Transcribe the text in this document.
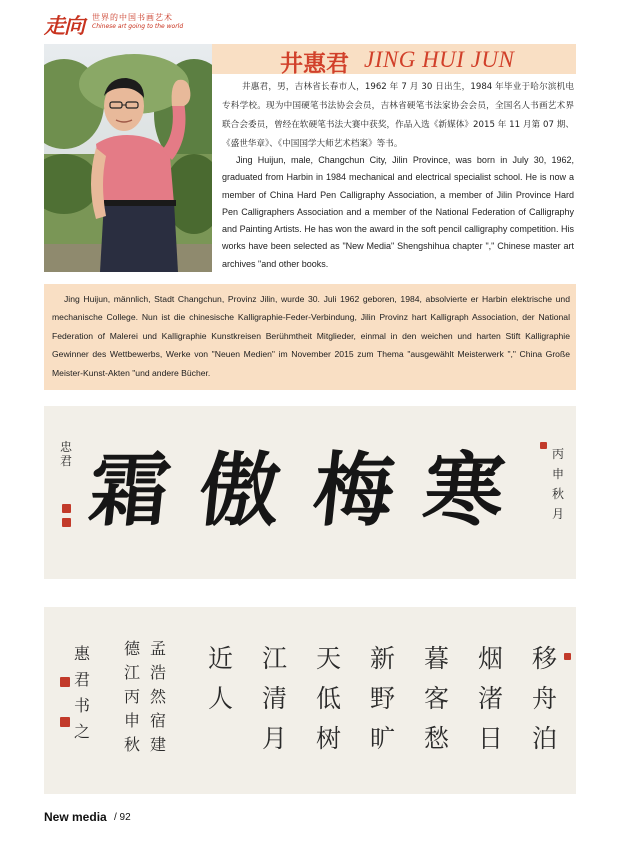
走向 世界的中国书画艺术
Chinese art going to the world
井惠君 JING HUI JUN
井惠君，男，吉林省长春市人，1962 年 7 月 30 日出生，1984 年毕业于哈尔滨机电专科学校。现为中国硬笔书法协会会员，吉林省硬笔书法家协会会员，全国名人书画艺术界联合会委员，曾经在软硬笔书法大赛中获奖，作品入选《新媒体》2015 年 11 月第 07 期、《盛世华章》、《中国国学大师艺术档案》等书。
Jing Huijun, male, Changchun City, Jilin Province, was born in July 30, 1962, graduated from Harbin in 1984 mechanical and electrical specialist school. He is now a member of China Hard Pen Calligraphy Association, a member of Jilin Province Hard Pen Calligraphers Association and a member of the National Federation of Calligraphy and Painting Artists. He has won the award in the soft pencil calligraphy competition. His works have been selected as "New Media" Shengshihua chapter "," Chinese master art archives "and other books.
Jing Huijun, männlich, Stadt Changchun, Provinz Jilin, wurde 30. Juli 1962 geboren, 1984, absolvierte er Harbin elektrische und mechanische College. Nun ist die chinesische Kalligraphie-Feder-Verbindung, Jilin Provinz hart Kalligraph Association, der National Federation of Malerei und Kalligraphie Kunstkreisen Berühmtheit Mitglieder, einmal in den weichen und harten Stift Kalligraphie Gewinner des Wettbewerbs, Werke von "Neuen Medien" im November 2015 zum Thema "ausgewählt Meisterwerk "," China Große Meister-Kunst-Akten "und andere Bücher.
霜 傲 梅 寒
忠君	丙申秋月
移舟泊
烟渚日
暮客愁
新野旷
天低树
江清月
近人
孟浩然宿建
德江丙申秋
惠君书之
New media / 92
